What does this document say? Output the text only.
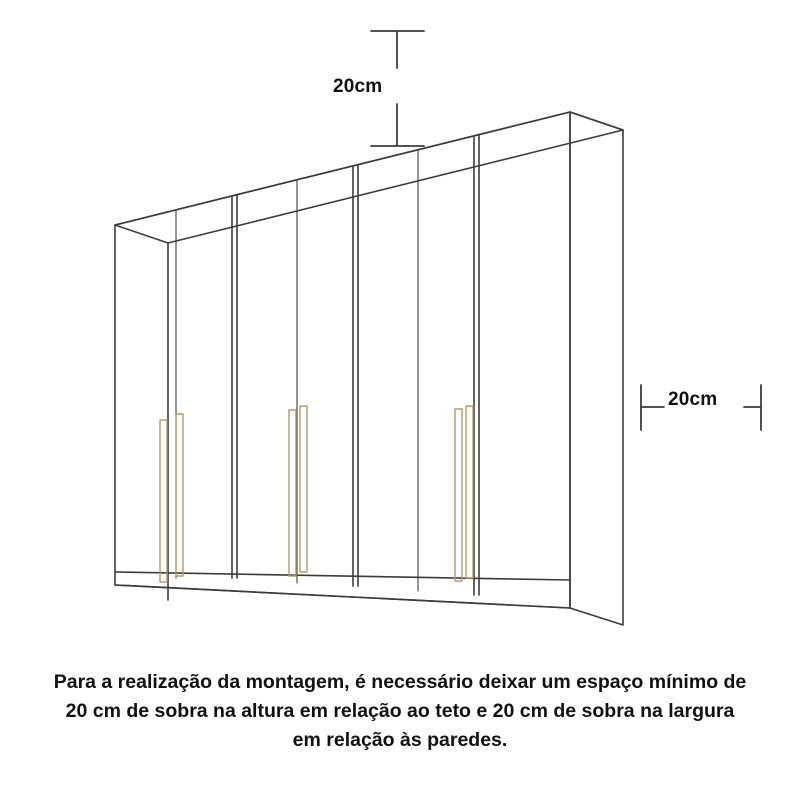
20cm
20cm
Para a realização da montagem, é necessário deixar um espaço mínimo de 20 cm de sobra na altura em relação ao teto e 20 cm de sobra na largura em relação às paredes.
